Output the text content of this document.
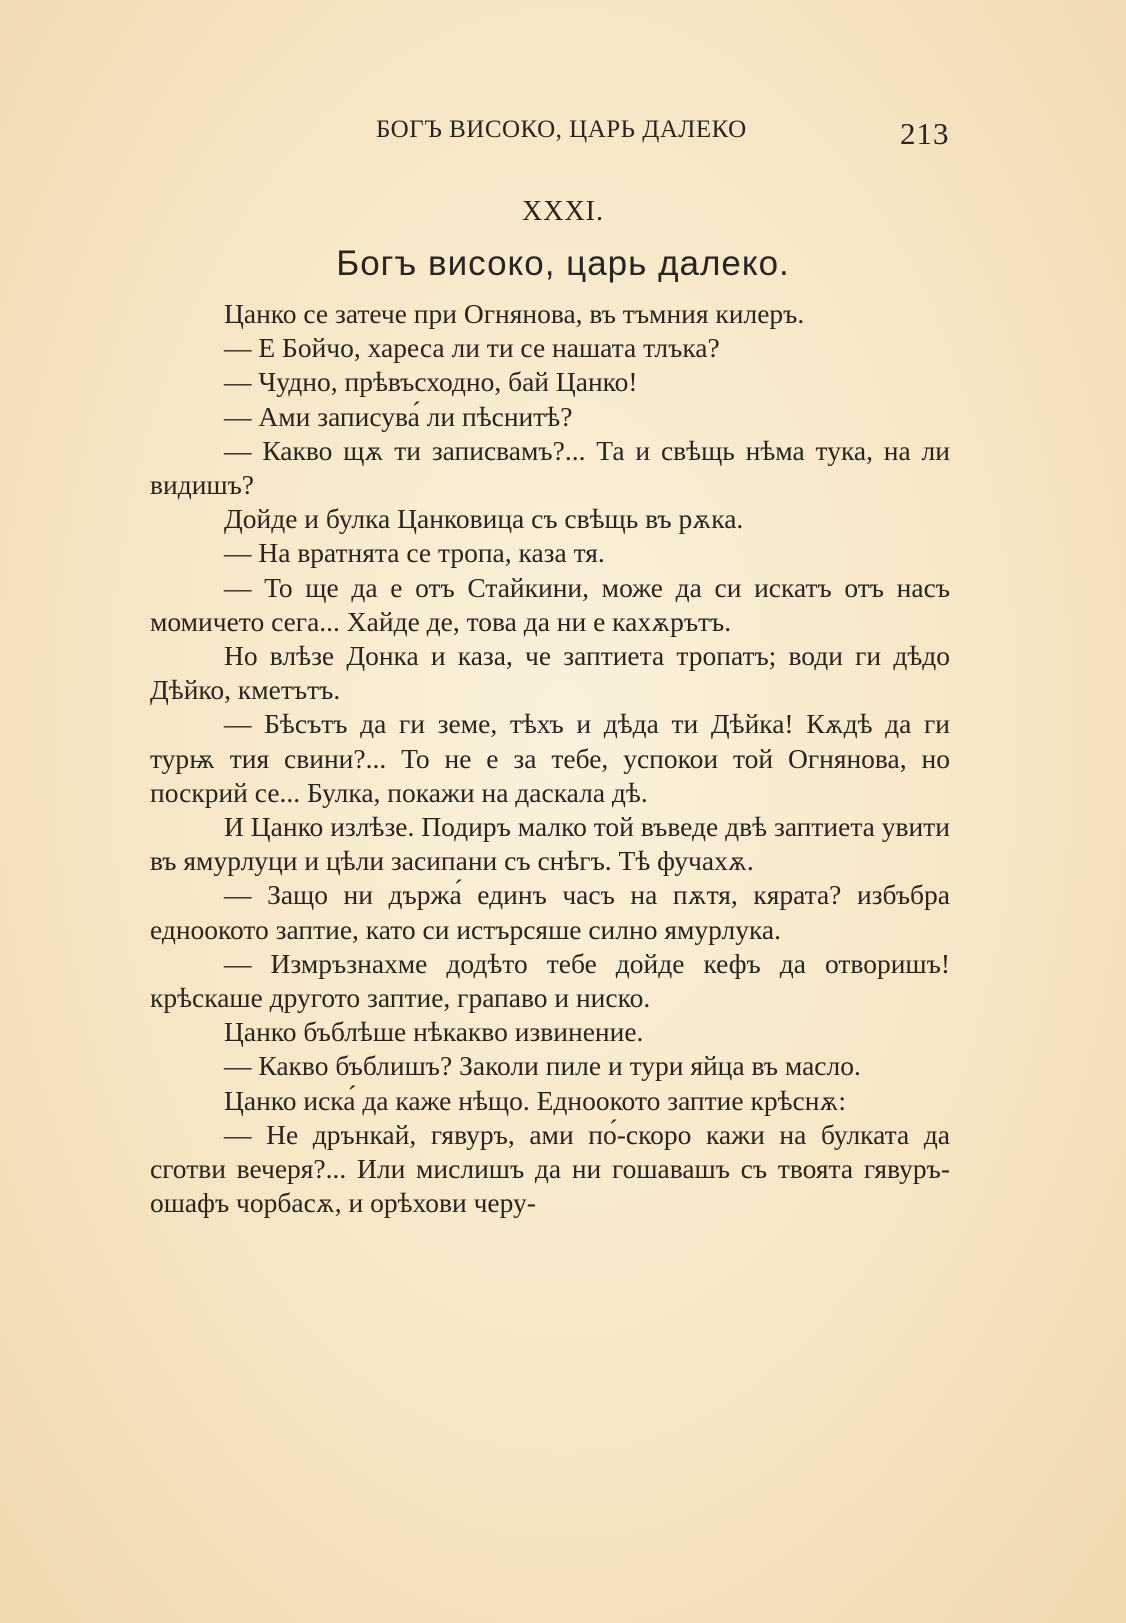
БОГЪ ВИСОКО, ЦАРЬ ДАЛЕКО	213
XXXI.
Богъ високо, царь далеко.

Цанко се затече при Огнянова, въ тъмния килеръ.

— Е Бойчо, хареса ли ти се нашата тлъка?

— Чудно, прѣвъсходно, бай Цанко!

— Ами записува́ ли пѣснитѣ?

— Какво щѫ ти записвамъ?... Та и свѣщь нѣма тука, на ли видишъ?

Дойде и булка Цанковица съ свѣщь въ рѫка.

— На вратнята се тропа, каза тя.

— То ще да е отъ Стайкини, може да си искатъ отъ насъ момичето сега... Хайде де, това да ни е кахѫрътъ.

Но влѣзе Донка и каза, че заптиета тропатъ; води ги дѣдо Дѣйко, кметътъ.

— Бѣсътъ да ги земе, тѣхъ и дѣда ти Дѣйка! Кѫдѣ да ги турѭ тия свини?... То не е за тебе, успокои той Огнянова, но поскрий се... Булка, покажи на даскала дѣ.

И Цанко излѣзе. Подиръ малко той въведе двѣ заптиета увити въ ямурлуци и цѣли засипани съ снѣгъ. Тѣ фучахѫ.

— Защо ни държа́ единъ часъ на пѫтя, кярата? избъбра едноокото заптие, като си истърсяше силно ямурлука.

— Измръзнахме додѣто тебе дойде кефъ да отворишъ! крѣскаше другото заптие, грапаво и ниско.

Цанко бъблѣше нѣкакво извинение.

— Какво бъблишъ? Заколи пиле и тури яйца въ масло.

Цанко иска́ да каже нѣщо. Едноокото заптие крѣснѫ:

— Не дрънкай, гявуръ, ами по́-скоро кажи на булката да сготви вечеря?... Или мислишъ да ни гошавашъ съ твоята гявуръ-ошафъ чорбасѫ, и орѣхови черу-
